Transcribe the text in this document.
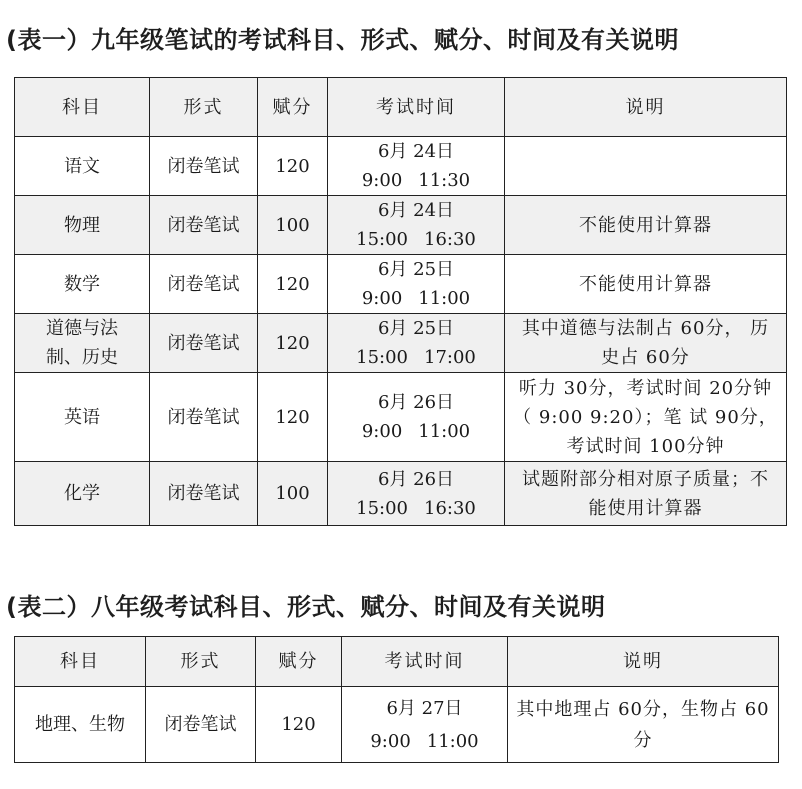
(表一）九年级笔试的考试科目、形式、赋分、时间及有关说明
科目	形式	赋分	考试时间	说明

语文	闭卷笔试	120	6月 24日
9:00 11:30	

物理	闭卷笔试	100	6月 24日
15:00 16:30	不能使用计算器

数学	闭卷笔试	120	6月 25日
9:00 11:00	不能使用计算器

道德与法
制、历史	闭卷笔试	120	6月 25日
15:00 17:00	其中道德与法制占 60分， 历
史占 60分

英语	闭卷笔试	120	6月 26日
9:00 11:00	听力 30分，考试时间 20分钟
（ 9:00 9:20）；笔 试 90分，
考试时间 100分钟

化学	闭卷笔试	100	6月 26日
15:00 16:30	试题附部分相对原子质量；不
能使用计算器
(表二）八年级考试科目、形式、赋分、时间及有关说明
科目	形式	赋分	考试时间	说明

地理、生物	闭卷笔试	120	6月 27日
9:00 11:00	其中地理占 60分，生物占 60
分
